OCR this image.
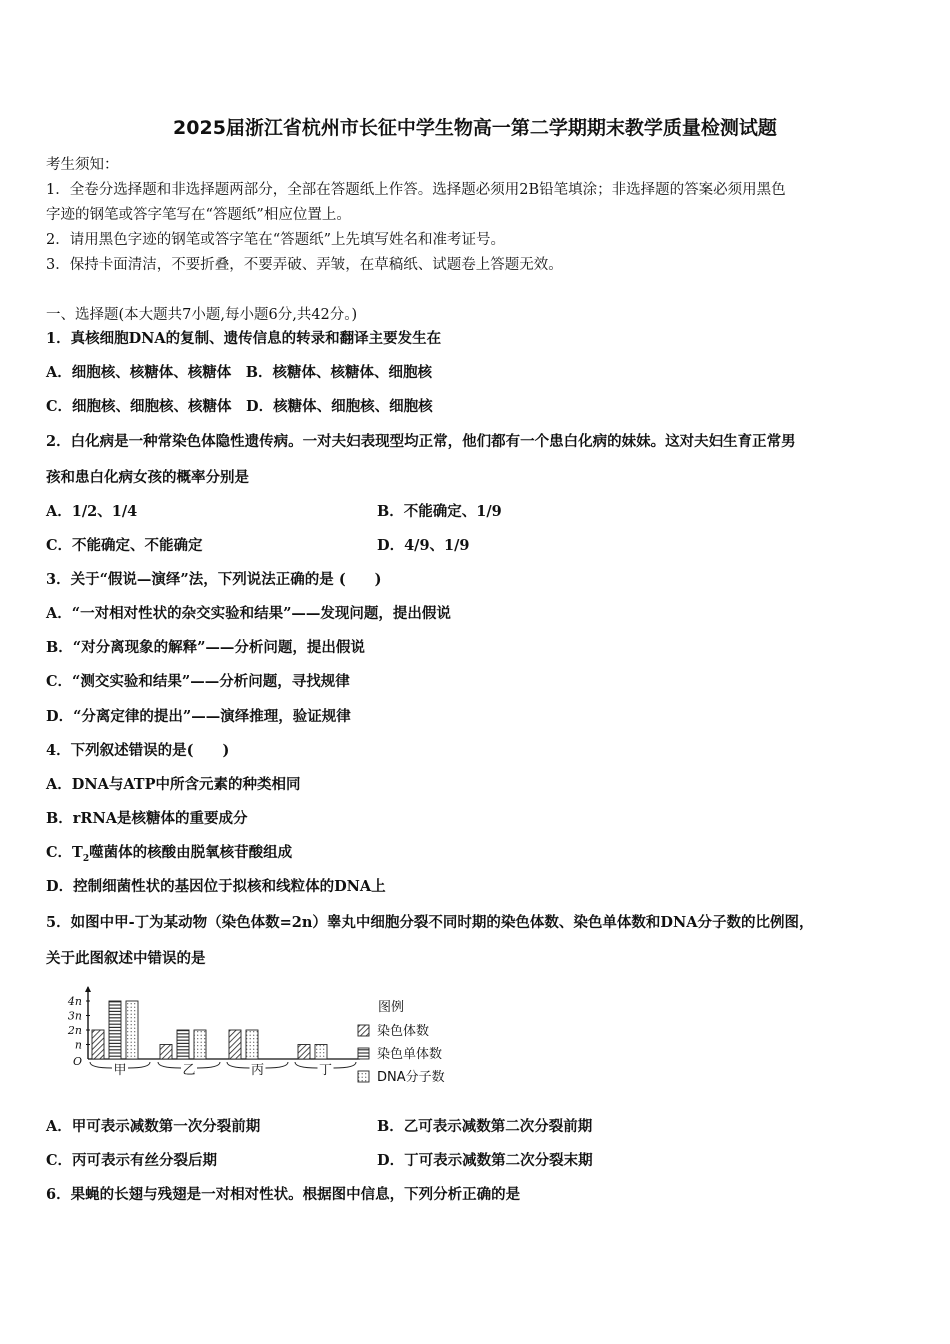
2025届浙江省杭州市长征中学生物高一第二学期期末教学质量检测试题
考生须知：
1．全卷分选择题和非选择题两部分，全部在答题纸上作答。选择题必须用2B铅笔填涂；非选择题的答案必须用黑色
字迹的钢笔或答字笔写在“答题纸”相应位置上。
2．请用黑色字迹的钢笔或答字笔在“答题纸”上先填写姓名和准考证号。
3．保持卡面清洁，不要折叠，不要弄破、弄皱，在草稿纸、试题卷上答题无效。
一、选择题(本大题共7小题,每小题6分,共42分。)
1．真核细胞DNA的复制、遗传信息的转录和翻译主要发生在
A．细胞核、核糖体、核糖体　B．核糖体、核糖体、细胞核
C．细胞核、细胞核、核糖体　D．核糖体、细胞核、细胞核
2．白化病是一种常染色体隐性遗传病。一对夫妇表现型均正常，他们都有一个患白化病的妹妹。这对夫妇生育正常男
孩和患白化病女孩的概率分别是
A．1/2、1/4	B．不能确定、1/9
C．不能确定、不能确定	D．4/9、1/9
3．关于“假说—演绎”法，下列说法正确的是 (　　)
A．“一对相对性状的杂交实验和结果”——发现问题，提出假说
B．“对分离现象的解释”——分析问题，提出假说
C．“测交实验和结果”——分析问题，寻找规律
D．“分离定律的提出”——演绎推理，验证规律
4．下列叙述错误的是(　　)
A．DNA与ATP中所含元素的种类相同
B．rRNA是核糖体的重要成分
C．$T_2$噬菌体的核酸由脱氧核苷酸组成
D．控制细菌性状的基因位于拟核和线粒体的DNA上
5．如图中甲-丁为某动物（染色体数=2n）睾丸中细胞分裂不同时期的染色体数、染色单体数和DNA分子数的比例图，
关于此图叙述中错误的是
4n
3n
2n
n
O
甲	乙	丙	丁
图例
染色体数
染色单体数
DNA分子数
A．甲可表示减数第一次分裂前期	B．乙可表示减数第二次分裂前期
C．丙可表示有丝分裂后期	D．丁可表示减数第二次分裂末期
6．果蝇的长翅与残翅是一对相对性状。根据图中信息，下列分析正确的是
